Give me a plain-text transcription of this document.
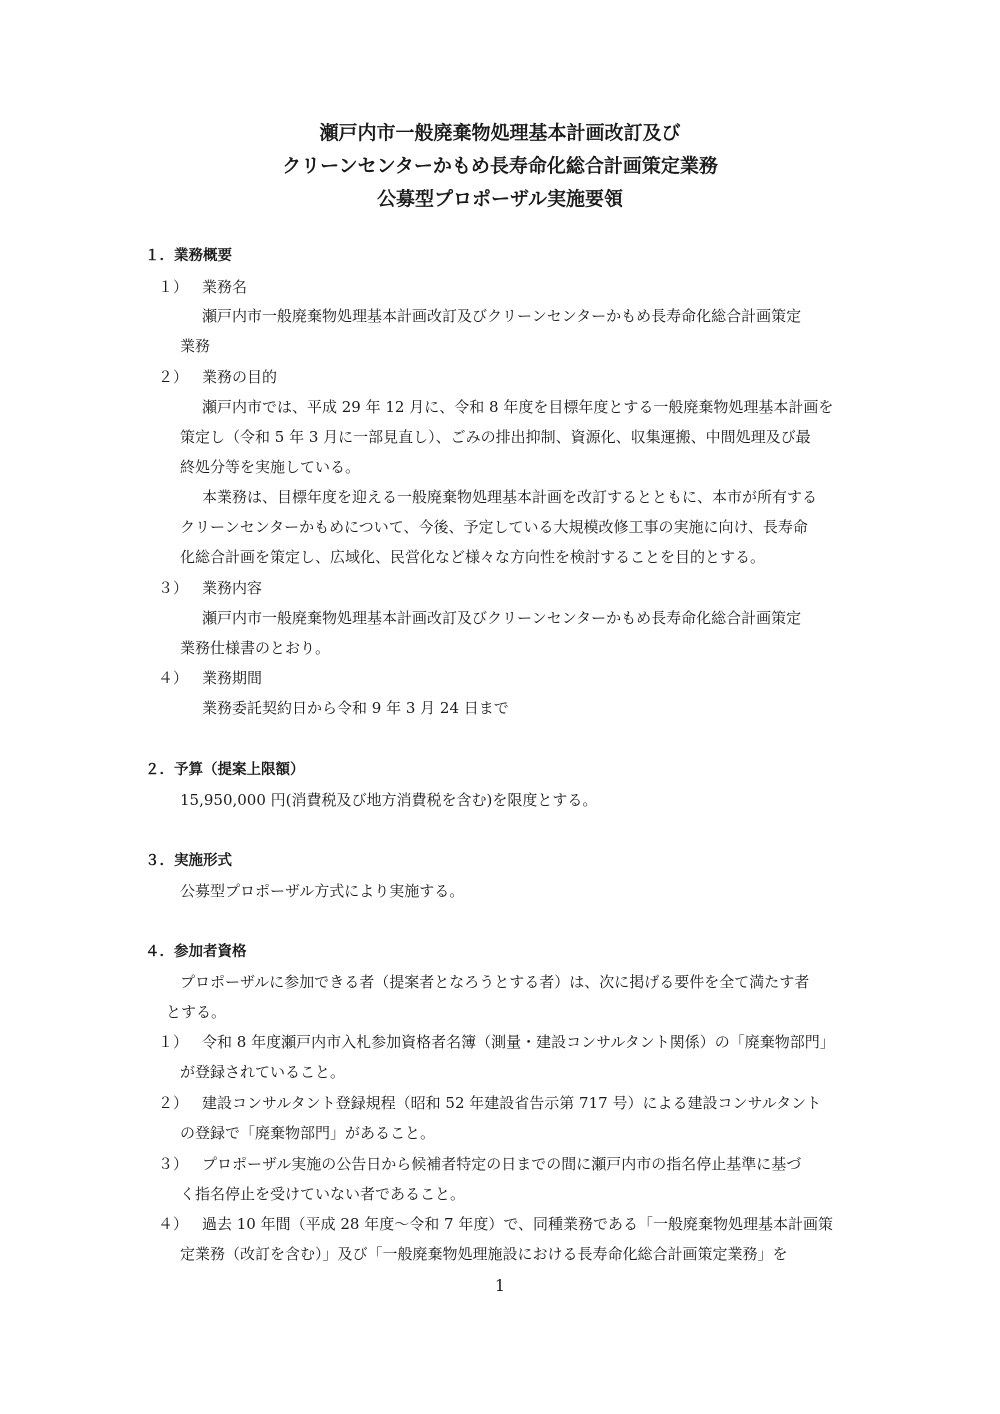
瀬戸内市一般廃棄物処理基本計画改訂及び
クリーンセンターかもめ長寿命化総合計画策定業務
公募型プロポーザル実施要領
１．業務概要
１） 業務名
瀬戸内市一般廃棄物処理基本計画改訂及びクリーンセンターかもめ長寿命化総合計画策定
業務
２） 業務の目的
瀬戸内市では、平成 29 年 12 月に、令和 8 年度を目標年度とする一般廃棄物処理基本計画を
策定し（令和 5 年 3 月に一部見直し）、ごみの排出抑制、資源化、収集運搬、中間処理及び最
終処分等を実施している。
本業務は、目標年度を迎える一般廃棄物処理基本計画を改訂するとともに、本市が所有する
クリーンセンターかもめについて、今後、予定している大規模改修工事の実施に向け、長寿命
化総合計画を策定し、広域化、民営化など様々な方向性を検討することを目的とする。
３） 業務内容
瀬戸内市一般廃棄物処理基本計画改訂及びクリーンセンターかもめ長寿命化総合計画策定
業務仕様書のとおり。
４） 業務期間
業務委託契約日から令和 9 年 3 月 24 日まで
２．予算（提案上限額）
15,950,000 円(消費税及び地方消費税を含む)を限度とする。
３．実施形式
公募型プロポーザル方式により実施する。
４．参加者資格
プロポーザルに参加できる者（提案者となろうとする者）は、次に掲げる要件を全て満たす者
とする。
１） 令和 8 年度瀬戸内市入札参加資格者名簿（測量・建設コンサルタント関係）の「廃棄物部門」
が登録されていること。
２） 建設コンサルタント登録規程（昭和 52 年建設省告示第 717 号）による建設コンサルタント
の登録で「廃棄物部門」があること。
３） プロポーザル実施の公告日から候補者特定の日までの間に瀬戸内市の指名停止基準に基づ
く指名停止を受けていない者であること。
４） 過去 10 年間（平成 28 年度～令和 7 年度）で、同種業務である「一般廃棄物処理基本計画策
定業務（改訂を含む）」及び「一般廃棄物処理施設における長寿命化総合計画策定業務」を
1
